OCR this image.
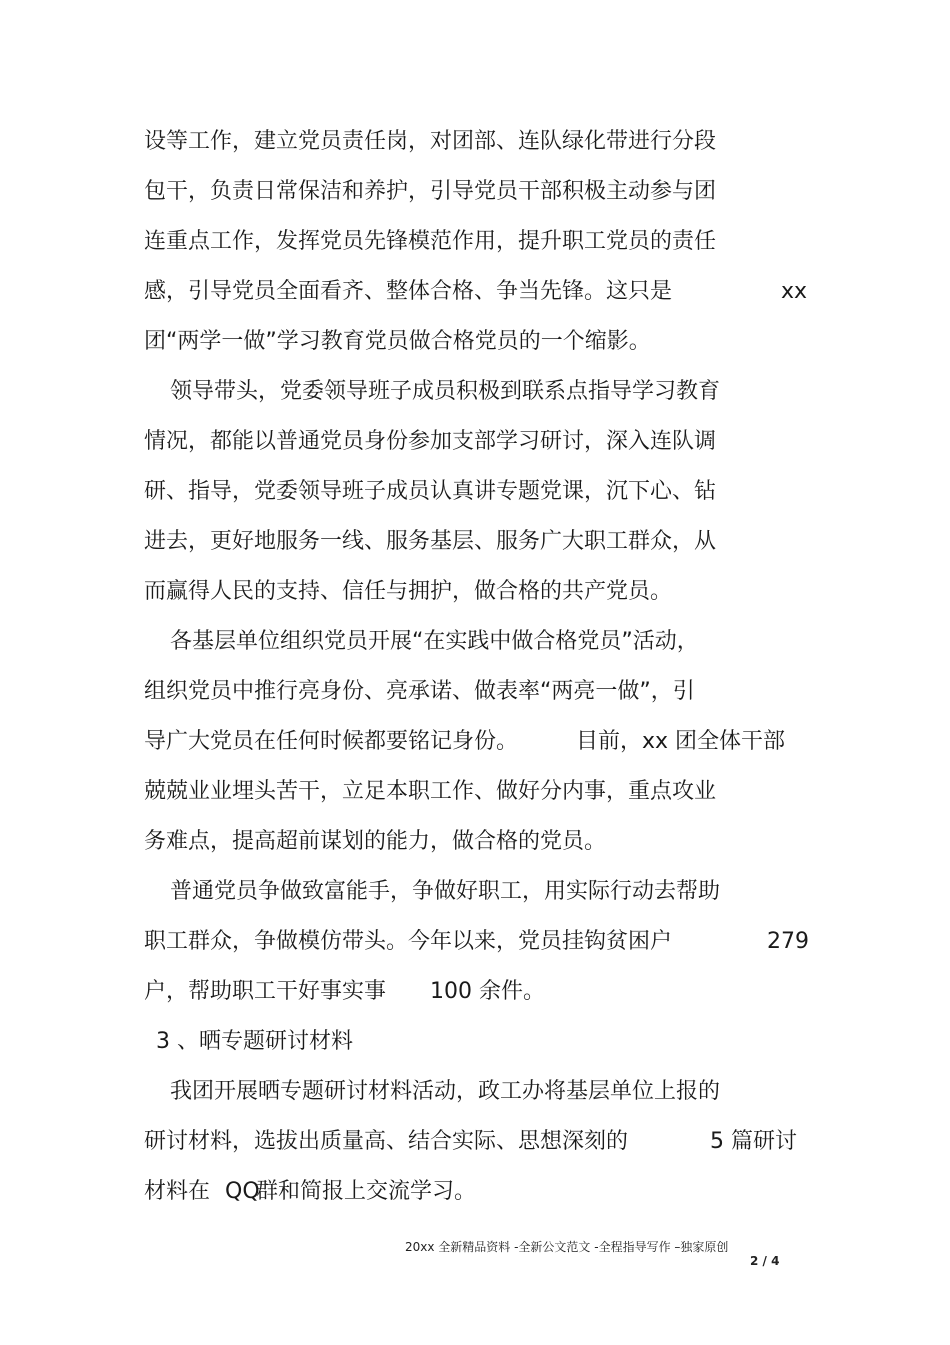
设等工作，建立党员责任岗，对团部、连队绿化带进行分段
包干，负责日常保洁和养护，引导党员干部积极主动参与团
连重点工作，发挥党员先锋模范作用，提升职工党员的责任
感，引导党员全面看齐、整体合格、争当先锋。这只是	xx
团“两学一做”学习教育党员做合格党员的一个缩影。
领导带头，党委领导班子成员积极到联系点指导学习教育
情况，都能以普通党员身份参加支部学习研讨，深入连队调
研、指导，党委领导班子成员认真讲专题党课，沉下心、钻
进去，更好地服务一线、服务基层、服务广大职工群众，从
而赢得人民的支持、信任与拥护，做合格的共产党员。
各基层单位组织党员开展“在实践中做合格党员”活动，
组织党员中推行亮身份、亮承诺、做表率“两亮一做”，引
导广大党员在任何时候都要铭记身份。	目前，xx 团全体干部
兢兢业业埋头苦干，立足本职工作、做好分内事，重点攻业
务难点，提高超前谋划的能力，做合格的党员。
普通党员争做致富能手，争做好职工，用实际行动去帮助
职工群众，争做模仿带头。今年以来，党员挂钩贫困户	279
户，帮助职工干好事实事 100 余件。
3 、晒专题研讨材料
我团开展晒专题研讨材料活动，政工办将基层单位上报的
研讨材料，选拔出质量高、结合实际、思想深刻的	5 篇研讨
材料在 QQ
群和简报上交流学习。
20xx 全新精品资料 -全新公文范文 -全程指导写作 –独家原创
2 / 4
